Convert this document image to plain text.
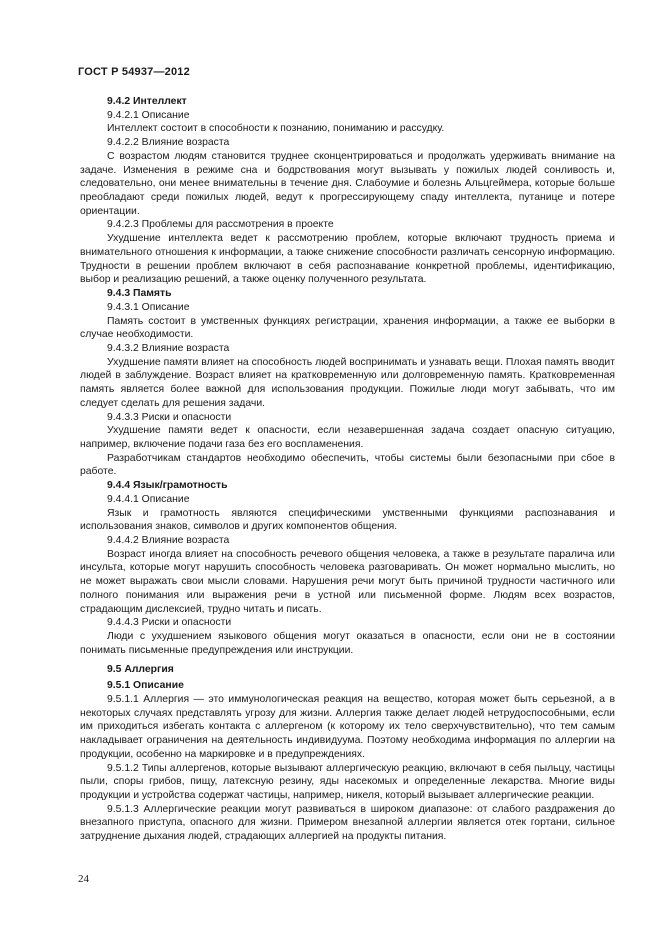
ГОСТ Р 54937—2012

9.4.2 Интеллект

9.4.2.1 Описание

Интеллект состоит в способности к познанию, пониманию и рассудку.

9.4.2.2 Влияние возраста

С возрастом людям становится труднее сконцентрироваться и продолжать удерживать внимание на задаче. Изменения в режиме сна и бодрствования могут вызывать у пожилых людей сонливость и, следовательно, они менее внимательны в течение дня. Слабоумие и болезнь Альцгеймера, которые больше преобладают среди пожилых людей, ведут к прогрессирующему спаду интеллекта, путанице и потере ориентации.

9.4.2.3 Проблемы для рассмотрения в проекте

Ухудшение интеллекта ведет к рассмотрению проблем, которые включают трудность приема и внимательного отношения к информации, а также снижение способности различать сенсорную информацию. Трудности в решении проблем включают в себя распознавание конкретной проблемы, идентификацию, выбор и реализацию решений, а также оценку полученного результата.

9.4.3 Память

9.4.3.1 Описание

Память состоит в умственных функциях регистрации, хранения информации, а также ее выборки в случае необходимости.

9.4.3.2 Влияние возраста

Ухудшение памяти влияет на способность людей воспринимать и узнавать вещи. Плохая память вводит людей в заблуждение. Возраст влияет на кратковременную или долговременную память. Кратковременная память является более важной для использования продукции. Пожилые люди могут забывать, что им следует сделать для решения задачи.

9.4.3.3 Риски и опасности

Ухудшение памяти ведет к опасности, если незавершенная задача создает опасную ситуацию, например, включение подачи газа без его воспламенения.

Разработчикам стандартов необходимо обеспечить, чтобы системы были безопасными при сбое в работе.

9.4.4 Язык/грамотность

9.4.4.1 Описание

Язык и грамотность являются специфическими умственными функциями распознавания и использования знаков, символов и других компонентов общения.

9.4.4.2 Влияние возраста

Возраст иногда влияет на способность речевого общения человека, а также в результате паралича или инсульта, которые могут нарушить способность человека разговаривать. Он может нормально мыслить, но не может выражать свои мысли словами. Нарушения речи могут быть причиной трудности частичного или полного понимания или выражения речи в устной или письменной форме. Людям всех возрастов, страдающим дислексией, трудно читать и писать.

9.4.4.3 Риски и опасности

Люди с ухудшением языкового общения могут оказаться в опасности, если они не в состоянии понимать письменные предупреждения или инструкции.

9.5 Аллергия

9.5.1 Описание

9.5.1.1 Аллергия — это иммунологическая реакция на вещество, которая может быть серьезной, а в некоторых случаях представлять угрозу для жизни. Аллергия также делает людей нетрудоспособными, если им приходиться избегать контакта с аллергеном (к которому их тело сверхчувствительно), что тем самым накладывает ограничения на деятельность индивидуума. Поэтому необходима информация по аллергии на продукции, особенно на маркировке и в предупреждениях.

9.5.1.2 Типы аллергенов, которые вызывают аллергическую реакцию, включают в себя пыльцу, частицы пыли, споры грибов, пищу, латексную резину, яды насекомых и определенные лекарства. Многие виды продукции и устройства содержат частицы, например, никеля, который вызывает аллергические реакции.

9.5.1.3 Аллергические реакции могут развиваться в широком диапазоне: от слабого раздражения до внезапного приступа, опасного для жизни. Примером внезапной аллергии является отек гортани, сильное затруднение дыхания людей, страдающих аллергией на продукты питания.

24
